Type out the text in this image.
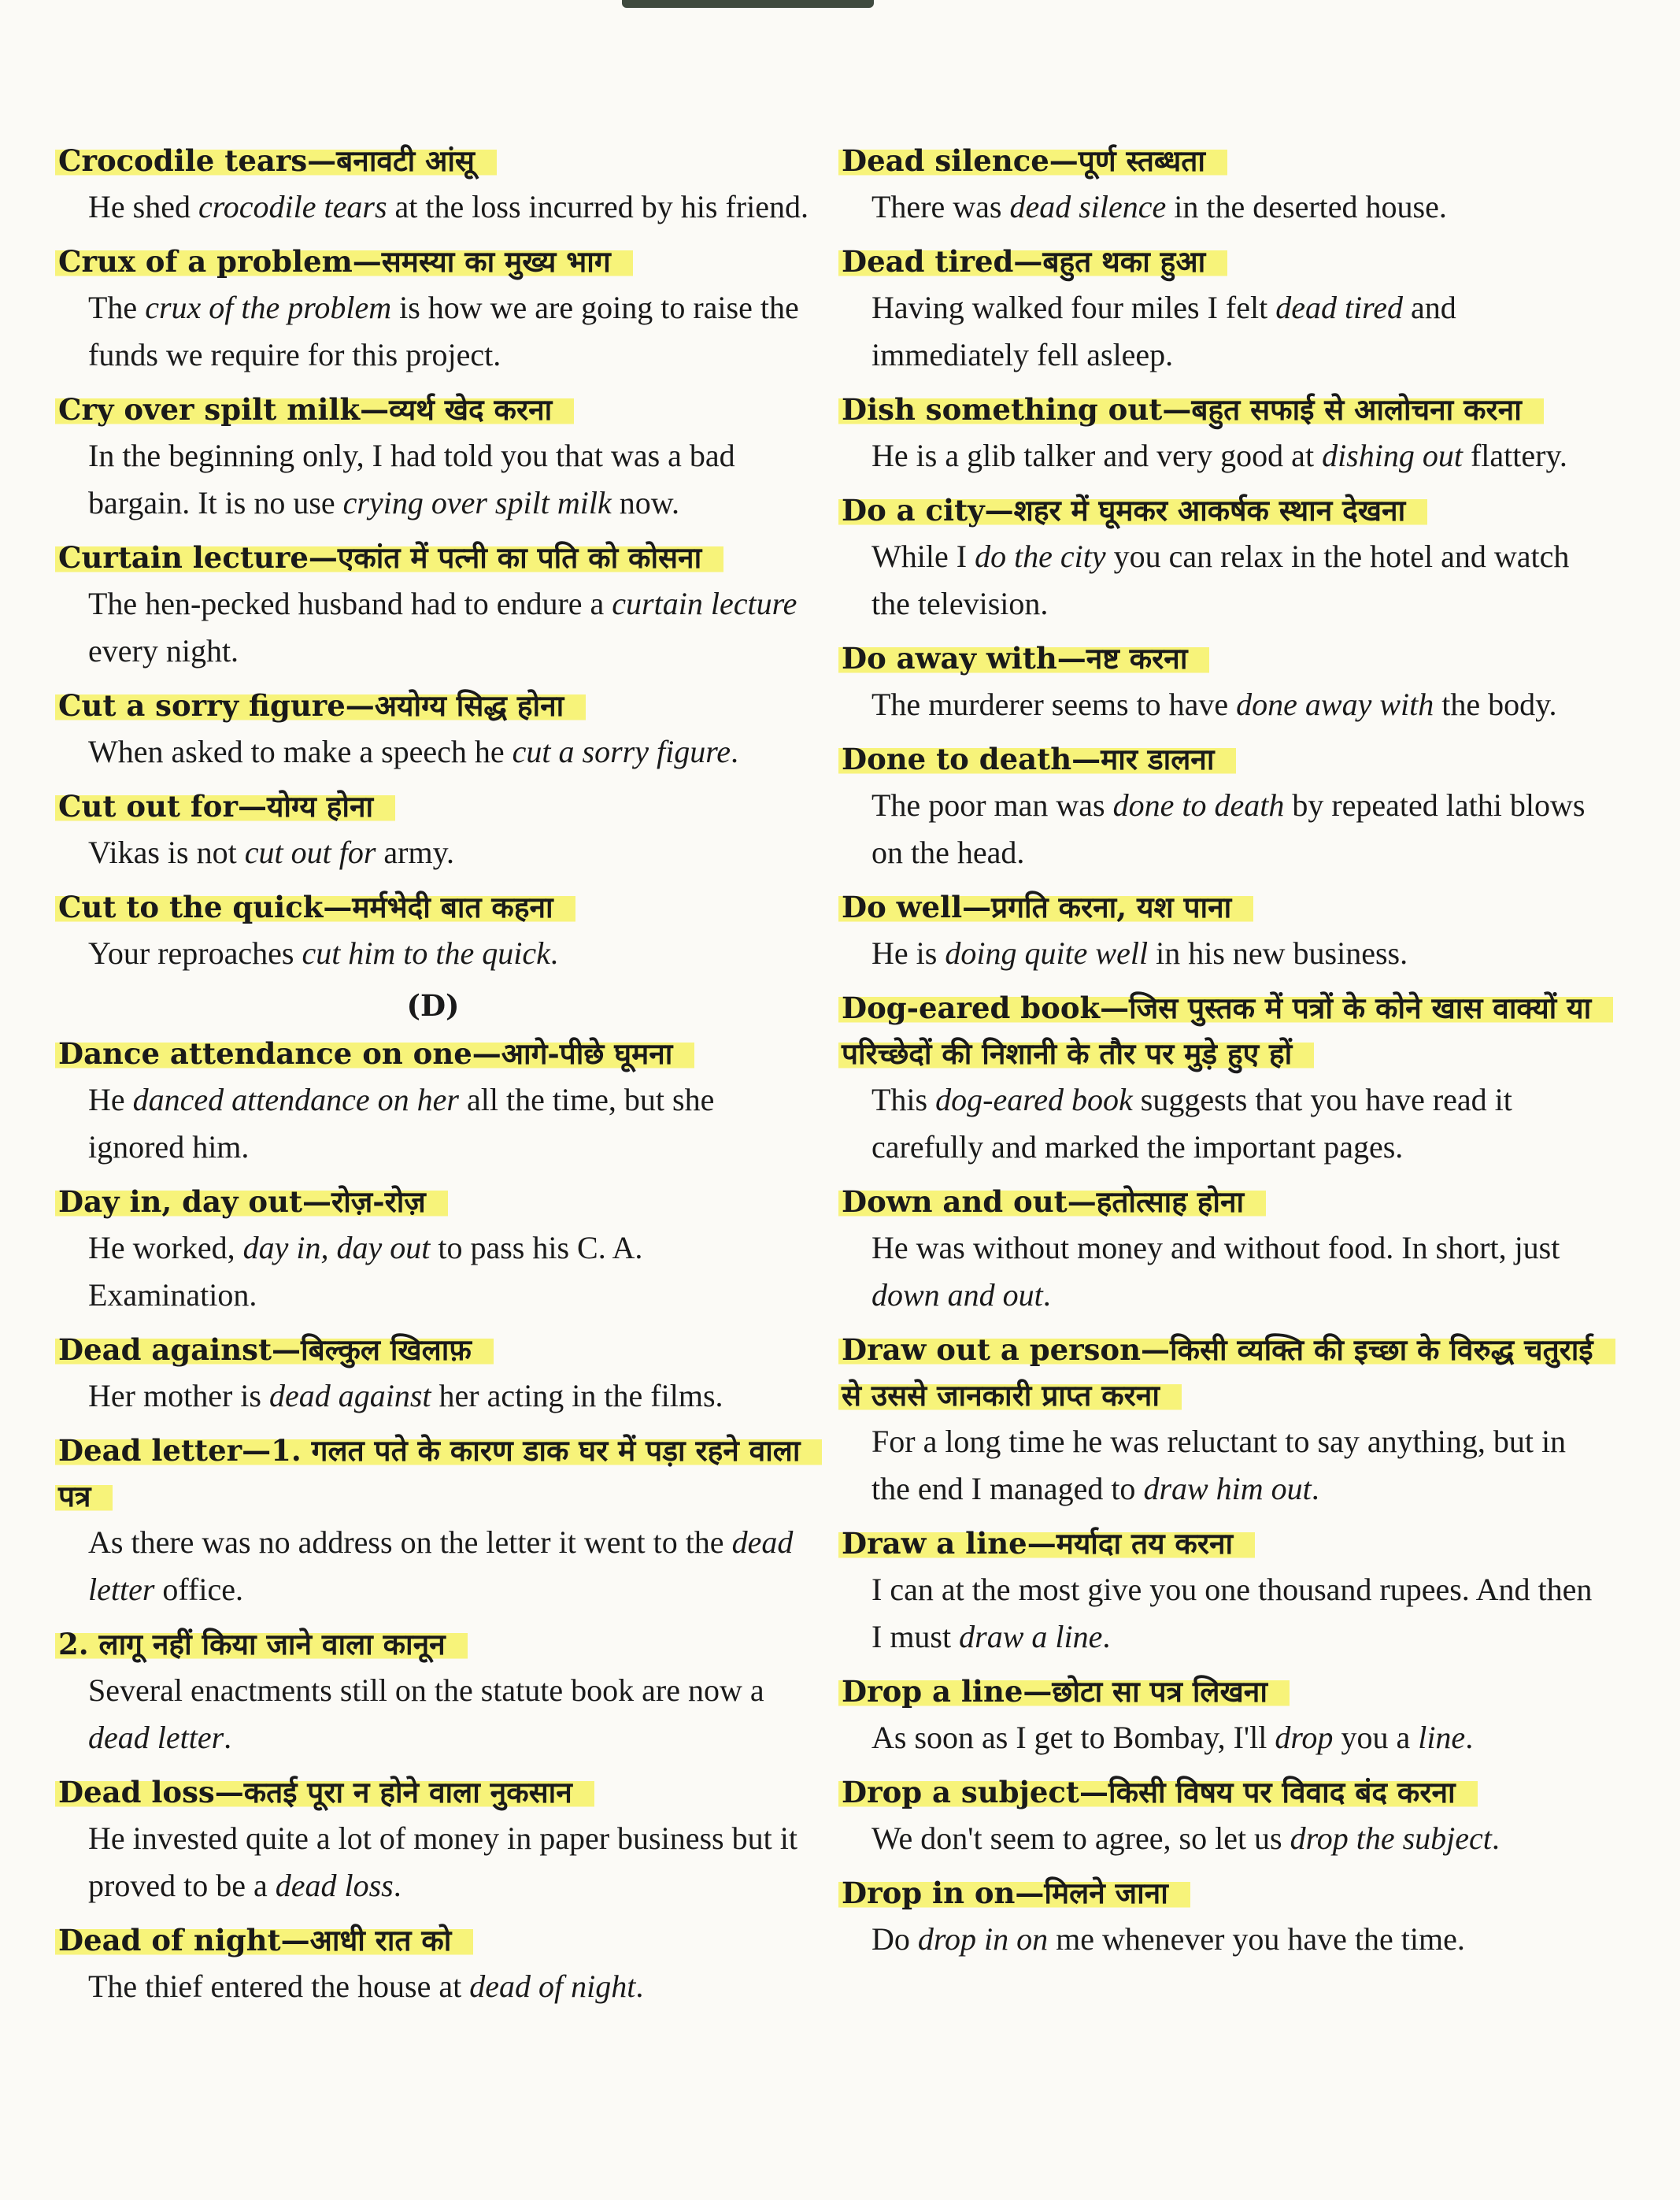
Crocodile tears—बनावटी आंसू

He shed crocodile tears at the loss incurred by his friend.

Crux of a problem—समस्या का मुख्य भाग

The crux of the problem is how we are going to raise the funds we require for this project.

Cry over spilt milk—व्यर्थ खेद करना

In the beginning only, I had told you that was a bad bargain. It is no use crying over spilt milk now.

Curtain lecture—एकांत में पत्नी का पति को कोसना

The hen-pecked husband had to endure a curtain lecture every night.

Cut a sorry figure—अयोग्य सिद्ध होना

When asked to make a speech he cut a sorry figure.

Cut out for—योग्य होना

Vikas is not cut out for army.

Cut to the quick—मर्मभेदी बात कहना

Your reproaches cut him to the quick.

(D)
Dance attendance on one—आगे-पीछे घूमना

He danced attendance on her all the time, but she ignored him.

Day in, day out—रोज़-रोज़

He worked, day in, day out to pass his C. A. Examination.

Dead against—बिल्कुल खिलाफ़

Her mother is dead against her acting in the films.

Dead letter—1. गलत पते के कारण डाक घर में पड़ा रहने वाला पत्र

As there was no address on the letter it went to the dead letter office.

2. लागू नहीं किया जाने वाला कानून

Several enactments still on the statute book are now a dead letter.

Dead loss—कतई पूरा न होने वाला नुकसान

He invested quite a lot of money in paper business but it proved to be a dead loss.

Dead of night—आधी रात को

The thief entered the house at dead of night.

Dead silence—पूर्ण स्तब्धता

There was dead silence in the deserted house.

Dead tired—बहुत थका हुआ

Having walked four miles I felt dead tired and immediately fell asleep.

Dish something out—बहुत सफाई से आलोचना करना

He is a glib talker and very good at dishing out flattery.

Do a city—शहर में घूमकर आकर्षक स्थान देखना

While I do the city you can relax in the hotel and watch the television.

Do away with—नष्ट करना

The murderer seems to have done away with the body.

Done to death—मार डालना

The poor man was done to death by repeated lathi blows on the head.

Do well—प्रगति करना, यश पाना

He is doing quite well in his new business.

Dog-eared book—जिस पुस्तक में पत्रों के कोने खास वाक्यों या परिच्छेदों की निशानी के तौर पर मुड़े हुए हों

This dog-eared book suggests that you have read it carefully and marked the important pages.

Down and out—हतोत्साह होना

He was without money and without food. In short, just down and out.

Draw out a person—किसी व्यक्ति की इच्छा के विरुद्ध चतुराई से उससे जानकारी प्राप्त करना

For a long time he was reluctant to say anything, but in the end I managed to draw him out.

Draw a line—मर्यादा तय करना

I can at the most give you one thousand rupees. And then I must draw a line.

Drop a line—छोटा सा पत्र लिखना

As soon as I get to Bombay, I'll drop you a line.

Drop a subject—किसी विषय पर विवाद बंद करना

We don't seem to agree, so let us drop the subject.

Drop in on—मिलने जाना

Do drop in on me whenever you have the time.
